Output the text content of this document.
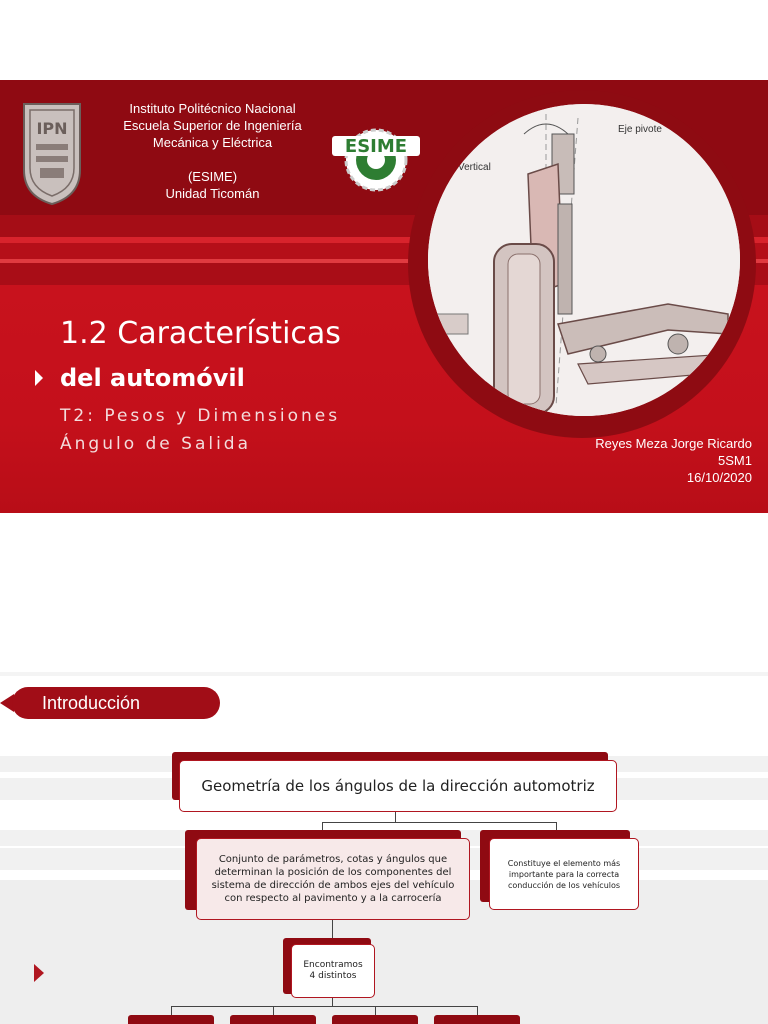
IPN
Instituto Politécnico Nacional
Escuela Superior de Ingeniería
Mecánica y Eléctrica
(ESIME)
Unidad Ticomán
ESIME
Vertical
Eje pivote
1.2 Características
del automóvil
T2: Pesos y Dimensiones
Ángulo de Salida	Reyes Meza Jorge Ricardo
5SM1
16/10/2020
Introducción
Geometría de los ángulos de la dirección automotriz
Conjunto de parámetros, cotas y ángulos que determinan la posición de los componentes del sistema de dirección de ambos ejes del vehículo con respecto al pavimento y a la carrocería
Constituye el elemento más importante para la correcta conducción de los vehículos
Encontramos 4 distintos
